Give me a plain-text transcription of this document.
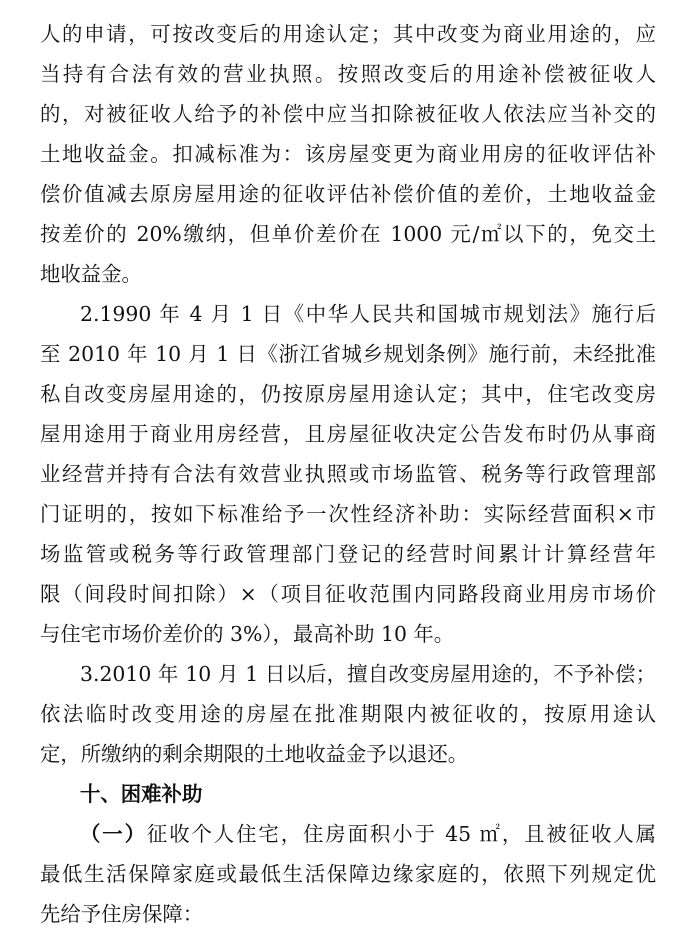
人的申请，可按改变后的用途认定；其中改变为商业用途的，应
当持有合法有效的营业执照。按照改变后的用途补偿被征收人
的，对被征收人给予的补偿中应当扣除被征收人依法应当补交的
土地收益金。扣减标准为：该房屋变更为商业用房的征收评估补
偿价值减去原房屋用途的征收评估补偿价值的差价，土地收益金
按差价的 20%缴纳，但单价差价在 1000 元/㎡以下的，免交土
地收益金。
2.1990 年 4 月 1 日《中华人民共和国城市规划法》施行后
至 2010 年 10 月 1 日《浙江省城乡规划条例》施行前，未经批准
私自改变房屋用途的，仍按原房屋用途认定；其中，住宅改变房
屋用途用于商业用房经营，且房屋征收决定公告发布时仍从事商
业经营并持有合法有效营业执照或市场监管、税务等行政管理部
门证明的，按如下标准给予一次性经济补助：实际经营面积×市
场监管或税务等行政管理部门登记的经营时间累计计算经营年
限（间段时间扣除）×（项目征收范围内同路段商业用房市场价
与住宅市场价差价的 3%），最高补助 10 年。
3.2010 年 10 月 1 日以后，擅自改变房屋用途的，不予补偿；
依法临时改变用途的房屋在批准期限内被征收的，按原用途认
定，所缴纳的剩余期限的土地收益金予以退还。
十、困难补助
（一）征收个人住宅，住房面积小于 45 ㎡，且被征收人属
最低生活保障家庭或最低生活保障边缘家庭的，依照下列规定优
先给予住房保障：
